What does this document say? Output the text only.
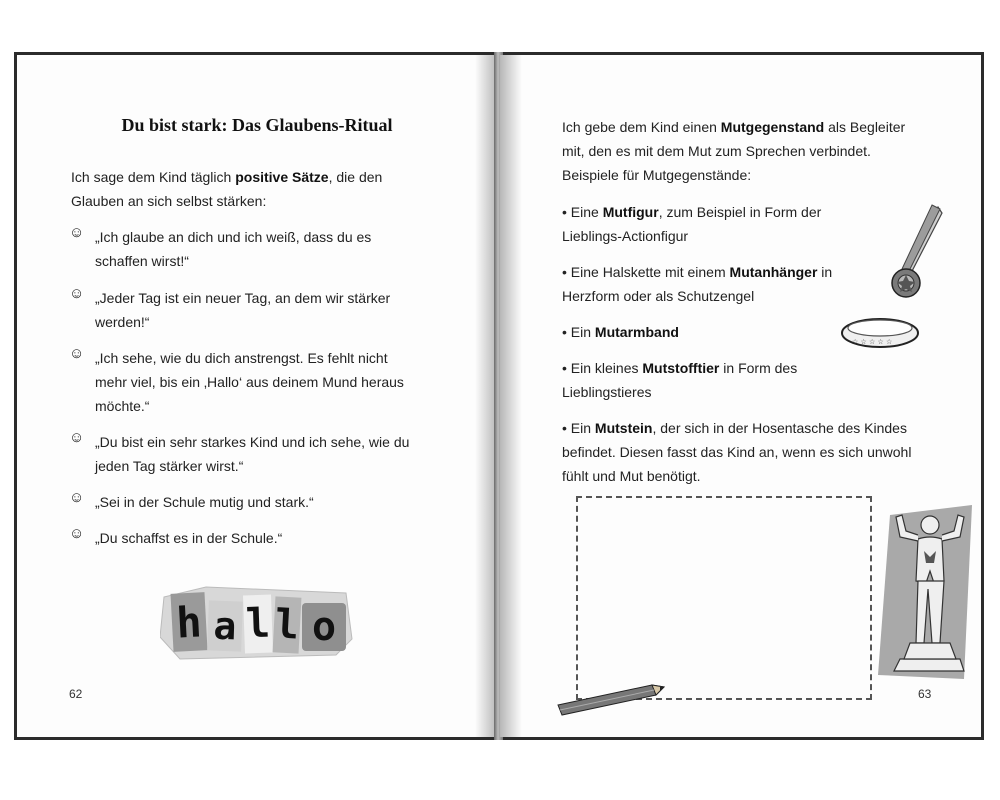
Du bist stark: Das Glaubens-Ritual
Ich sage dem Kind täglich positive Sätze, die den
Glauben an sich selbst stärken:
☺ „Ich glaube an dich und ich weiß, dass du es
schaffen wirst!“
☺ „Jeder Tag ist ein neuer Tag, an dem wir stärker
werden!“
☺ „Ich sehe, wie du dich anstrengst. Es fehlt nicht
mehr viel, bis ein ‚Hallo‘ aus deinem Mund heraus
möchte.“
☺ „Du bist ein sehr starkes Kind und ich sehe, wie du
jeden Tag stärker wirst.“
☺ „Sei in der Schule mutig und stark.“
☺ „Du schaffst es in der Schule.“
h a l l o
62
Ich gebe dem Kind einen Mutgegenstand als Begleiter
mit, den es mit dem Mut zum Sprechen verbindet.
Beispiele für Mutgegenstände:
• Eine Mutfigur, zum Beispiel in Form der
Lieblings-Actionfigur
• Eine Halskette mit einem Mutanhänger in
Herzform oder als Schutzengel
• Ein Mutarmband
• Ein kleines Mutstofftier in Form des
Lieblingstieres
• Ein Mutstein, der sich in der Hosentasche des Kindes
befindet. Diesen fasst das Kind an, wenn es sich unwohl
fühlt und Mut benötigt.
☆ ☆ ☆ ☆ ☆
63
